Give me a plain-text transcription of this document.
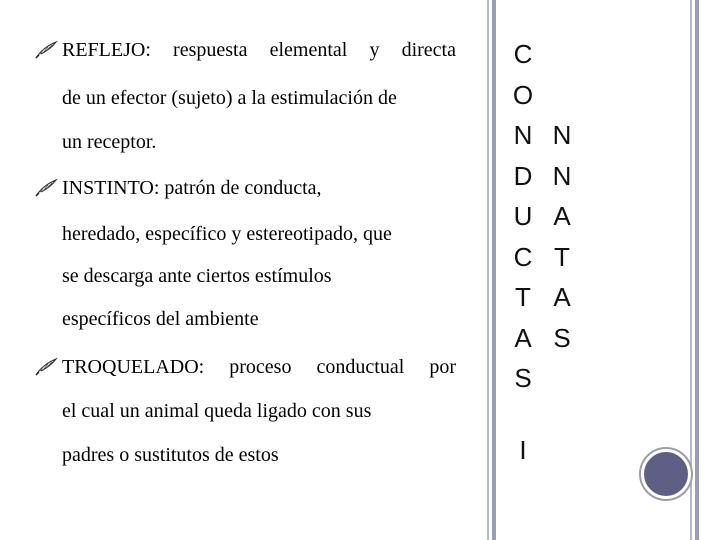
REFLEJO: respuesta elemental y directa
de un efector (sujeto) a la estimulación de
un receptor.
INSTINTO: patrón de conducta,
heredado, específico y estereotipado, que
se descarga ante ciertos estímulos
específicos del ambiente
TROQUELADO: proceso conductual por
el cual un animal queda ligado con sus
padres o sustitutos de estos
C
O
N
D
U
C
T
A
S
N
N
A
T
A
S
I
